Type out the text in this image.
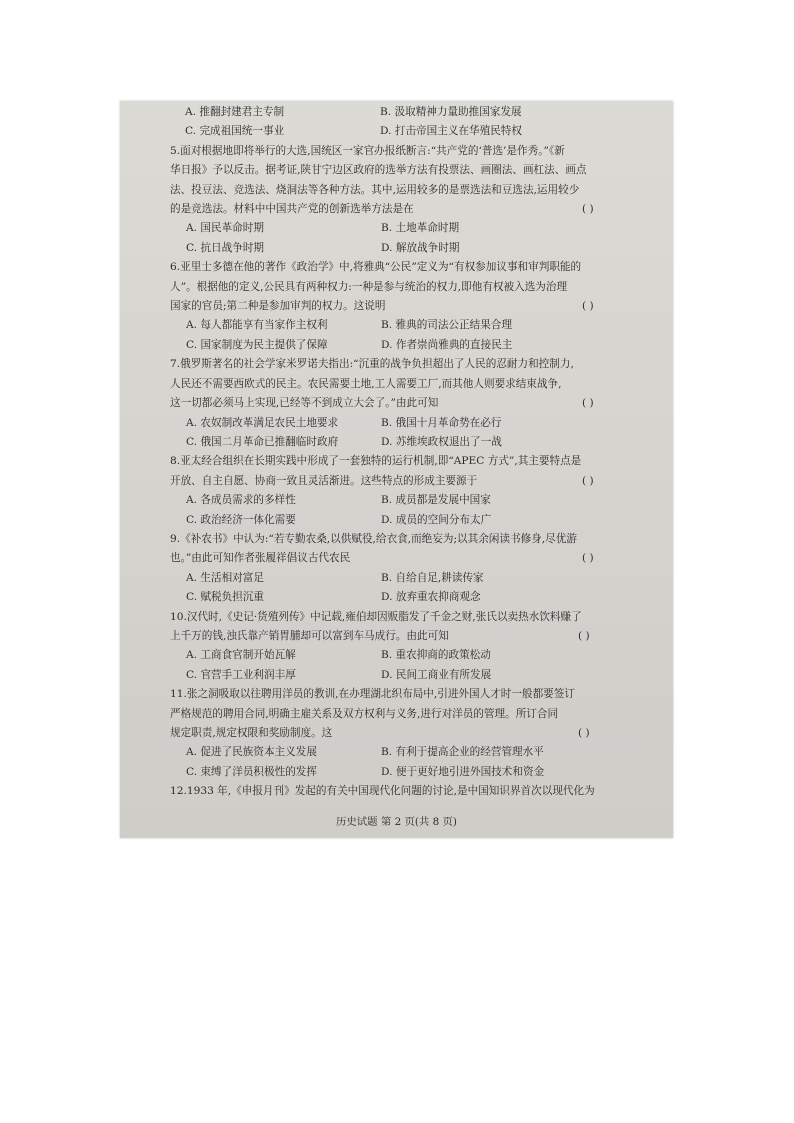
A. 推翻封建君主专制	B. 汲取精神力量助推国家发展
C. 完成祖国统一事业	D. 打击帝国主义在华殖民特权
5.面对根据地即将举行的大选,国统区一家官办报纸断言:“共产党的‘普选’是作秀。”《新
华日报》予以反击。据考证,陕甘宁边区政府的选举方法有投票法、画圈法、画杠法、画点
法、投豆法、竞选法、烧洞法等各种方法。其中,运用较多的是票选法和豆选法,运用较少
的是竞选法。材料中中国共产党的创新选举方法是在	( )
A. 国民革命时期	B. 土地革命时期
C. 抗日战争时期	D. 解放战争时期
6.亚里士多德在他的著作《政治学》中,将雅典“公民”定义为“有权参加议事和审判职能的
人”。根据他的定义,公民具有两种权力:一种是参与统治的权力,即他有权被入选为治理
国家的官员;第二种是参加审判的权力。这说明	( )
A. 每人都能享有当家作主权利	B. 雅典的司法公正结果合理
C. 国家制度为民主提供了保障	D. 作者崇尚雅典的直接民主
7.俄罗斯著名的社会学家米罗诺夫指出:“沉重的战争负担超出了人民的忍耐力和控制力,
人民还不需要西欧式的民主。农民需要土地,工人需要工厂,而其他人则要求结束战争,
这一切都必须马上实现,已经等不到成立大会了。”由此可知	( )
A. 农奴制改革满足农民土地要求	B. 俄国十月革命势在必行
C. 俄国二月革命已推翻临时政府	D. 苏维埃政权退出了一战
8.亚太经合组织在长期实践中形成了一套独特的运行机制,即“APEC 方式”,其主要特点是
开放、自主自愿、协商一致且灵活渐进。这些特点的形成主要源于	( )
A. 各成员需求的多样性	B. 成员都是发展中国家
C. 政治经济一体化需要	D. 成员的空间分布太广
9.《补农书》中认为:“若专勤农桑,以供赋役,给衣食,而绝妄为;以其余闲读书修身,尽优游
也。”由此可知作者张履祥倡议古代农民	( )
A. 生活相对富足	B. 自给自足,耕读传家
C. 赋税负担沉重	D. 放弃重农抑商观念
10.汉代时,《史记·货殖列传》中记载,雍伯却因贩脂发了千金之财,张氏以卖热水饮料赚了
上千万的钱,浊氏靠产销胃脯却可以富到车马成行。由此可知	( )
A. 工商食官制开始瓦解	B. 重农抑商的政策松动
C. 官营手工业利润丰厚	D. 民间工商业有所发展
11.张之洞吸取以往聘用洋员的教训,在办理湖北织布局中,引进外国人才时一般都要签订
严格规范的聘用合同,明确主雇关系及双方权利与义务,进行对洋员的管理。所订合同
规定职责,规定权限和奖励制度。这	( )
A. 促进了民族资本主义发展	B. 有利于提高企业的经营管理水平
C. 束缚了洋员积极性的发挥	D. 便于更好地引进外国技术和资金
12.1933 年,《申报月刊》发起的有关中国现代化问题的讨论,是中国知识界首次以现代化为
历史试题 第 2 页(共 8 页)
